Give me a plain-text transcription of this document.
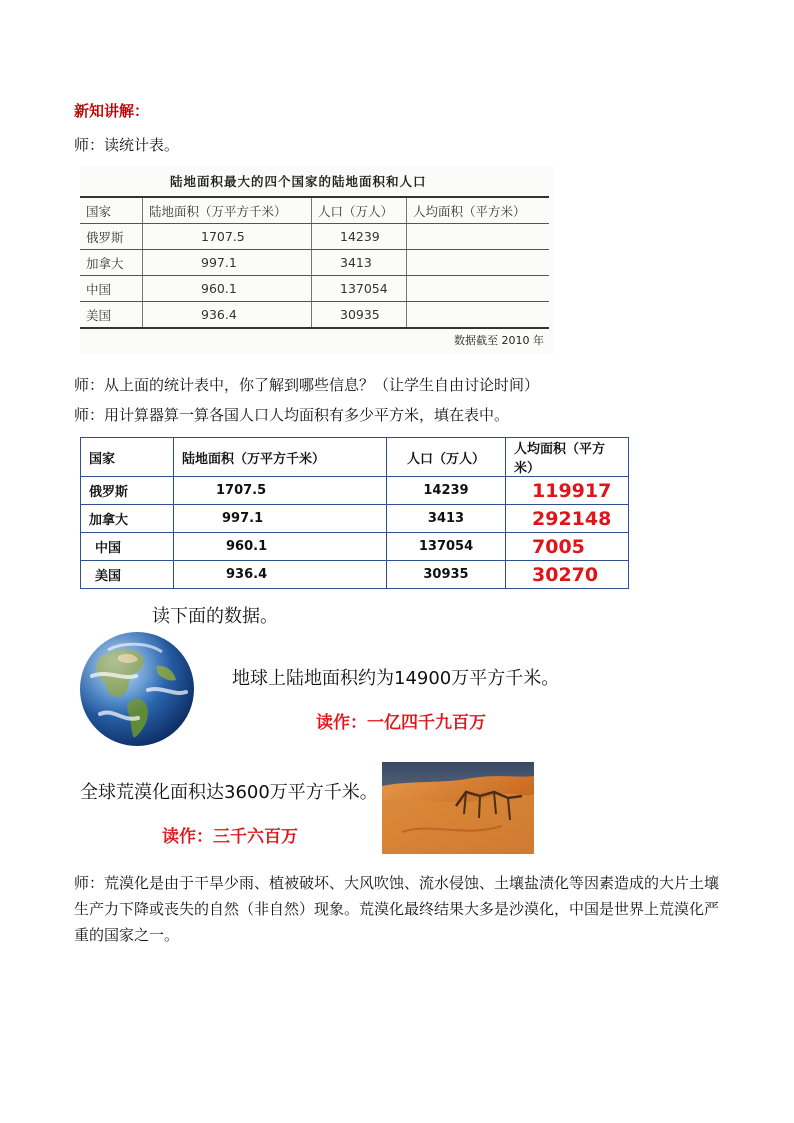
新知讲解：
师：读统计表。
陆地面积最大的四个国家的陆地面积和人口
国家	陆地面积（万平方千米）	人口（万人）	人均面积（平方米）
俄罗斯	1707.5	14239	
加拿大	997.1	3413	
中国	960.1	137054	
美国	936.4	30935	
数据截至 2010 年
师：从上面的统计表中，你了解到哪些信息？（让学生自由讨论时间）
师：用计算器算一算各国人口人均面积有多少平方米，填在表中。
国家	陆地面积（万平方千米）	人口（万人）	人均面积（平方米）
俄罗斯	1707.5	14239	119917
加拿大	997.1	3413	292148
中国	960.1	137054	7005
美国	936.4	30935	30270
读下面的数据。
地球上陆地面积约为14900万平方千米。
读作：一亿四千九百万
全球荒漠化面积达3600万平方千米。
读作：三千六百万
师：荒漠化是由于干旱少雨、植被破坏、大风吹蚀、流水侵蚀、土壤盐渍化等因素造成的大片土壤生产力下降或丧失的自然（非自然）现象。荒漠化最终结果大多是沙漠化，中国是世界上荒漠化严重的国家之一。
